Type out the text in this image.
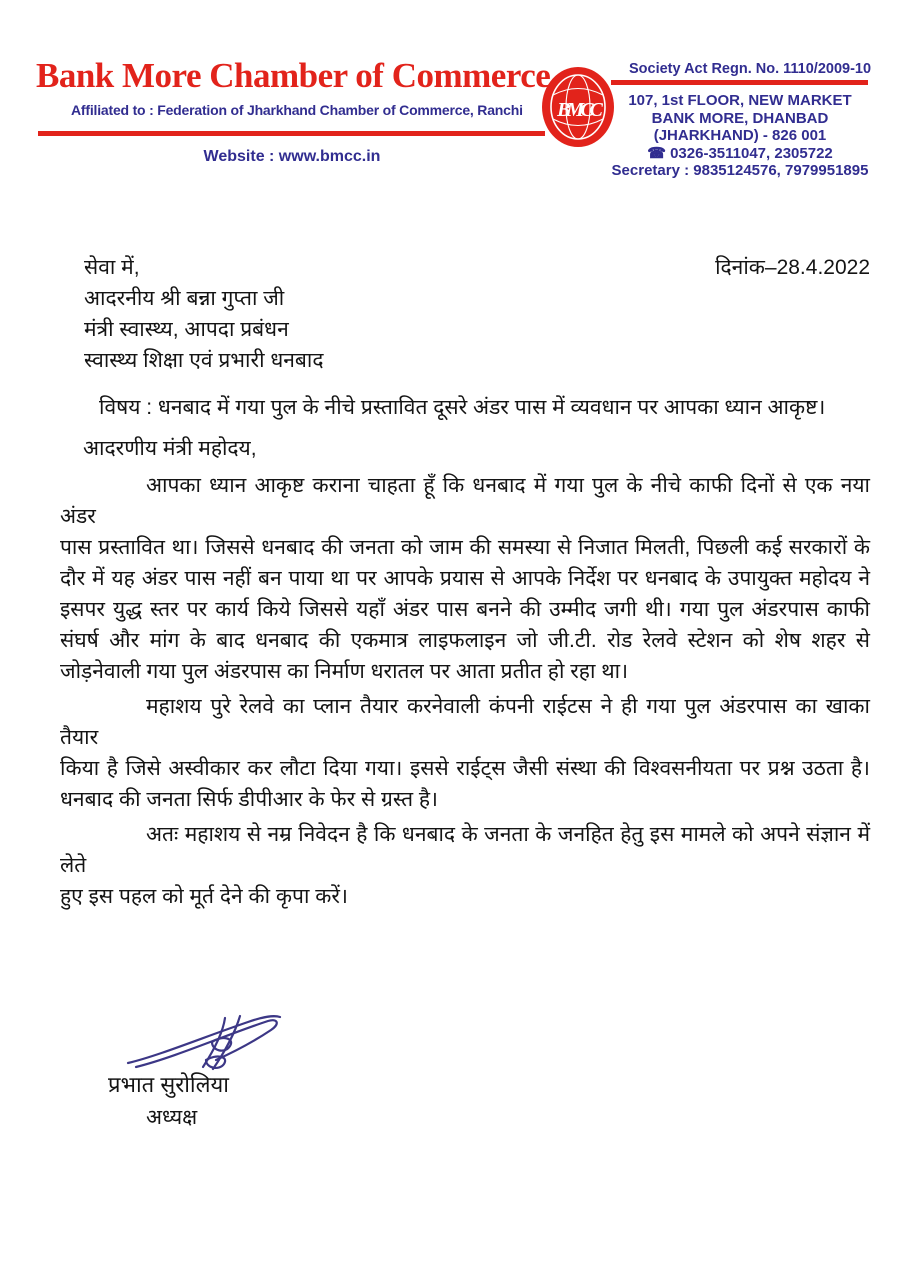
Bank More Chamber of Commerce
Affiliated to : Federation of Jharkhand Chamber of Commerce, Ranchi
Website : www.bmcc.in
BMCC
Society Act Regn. No. 1110/2009-10
107, 1st FLOOR, NEW MARKET
BANK MORE, DHANBAD
(JHARKHAND) - 826 001
☎ 0326-3511047, 2305722
Secretary : 9835124576, 7979951895
सेवा में,	दिनांक–28.4.2022
आदरनीय श्री बन्ना गुप्ता जी
मंत्री स्वास्थ्य, आपदा प्रबंधन
स्वास्थ्य शिक्षा एवं प्रभारी धनबाद
विषय : धनबाद में गया पुल के नीचे प्रस्तावित दूसरे अंडर पास में व्यवधान पर आपका ध्यान आकृष्ट।
आदरणीय मंत्री महोदय,
आपका ध्यान आकृष्ट कराना चाहता हूँ कि धनबाद में गया पुल के नीचे काफी दिनों से एक नया अंडर
पास प्रस्तावित था। जिससे धनबाद की जनता को जाम की समस्या से निजात मिलती, पिछली कई सरकारों के
दौर में यह अंडर पास नहीं बन पाया था पर आपके प्रयास से आपके निर्देश पर धनबाद के उपायुक्त महोदय ने
इसपर युद्ध स्तर पर कार्य किये जिससे यहाँ अंडर पास बनने की उम्मीद जगी थी। गया पुल अंडरपास काफी
संघर्ष और मांग के बाद धनबाद की एकमात्र लाइफलाइन जो जी.टी. रोड रेलवे स्टेशन को शेष शहर से
जोड़नेवाली गया पुल अंडरपास का निर्माण धरातल पर आता प्रतीत हो रहा था।
महाशय पुरे रेलवे का प्लान तैयार करनेवाली कंपनी राईटस ने ही गया पुल अंडरपास का खाका तैयार
किया है जिसे अस्वीकार कर लौटा दिया गया। इससे राईट्स जैसी संस्था की विश्वसनीयता पर प्रश्न उठता है।
धनबाद की जनता सिर्फ डीपीआर के फेर से ग्रस्त है।
अतः महाशय से नम्र निवेदन है कि धनबाद के जनता के जनहित हेतु इस मामले को अपने संज्ञान में लेते
हुए इस पहल को मूर्त देने की कृपा करें।
प्रभात सुरोलिया
अध्यक्ष
